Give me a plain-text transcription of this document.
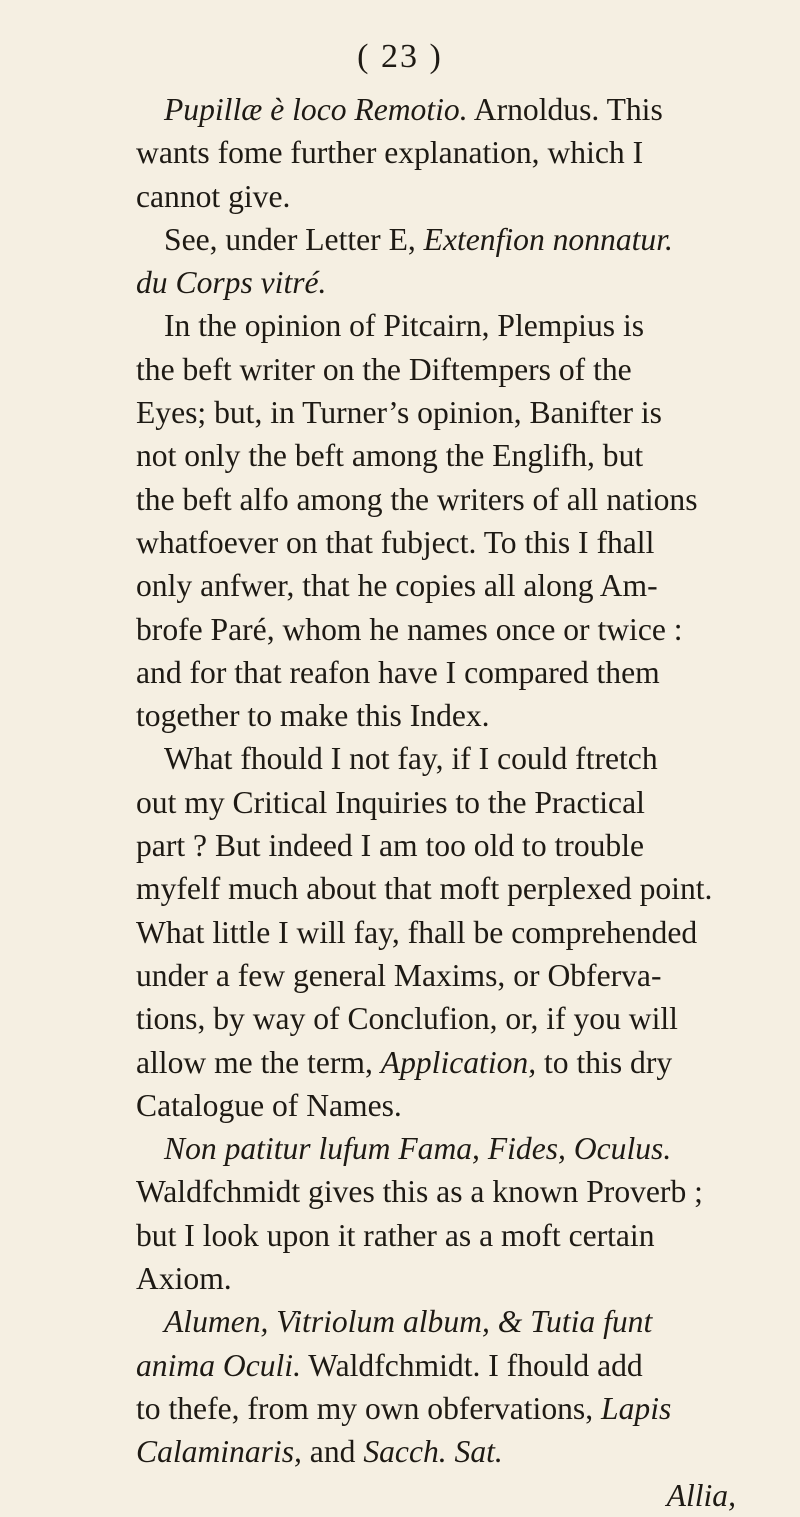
( 23 )

Pupillæ è loco Remotio. Arnoldus. This
wants fome further explanation, which I
cannot give.

See, under Letter E, Extenfion nonnatur.
du Corps vitré.

In the opinion of Pitcairn, Plempius is
the beft writer on the Diftempers of the
Eyes; but, in Turner’s opinion, Banifter is
not only the beft among the Englifh, but
the beft alfo among the writers of all nations
whatfoever on that fubject. To this I fhall
only anfwer, that he copies all along Am-
brofe Paré, whom he names once or twice :
and for that reafon have I compared them
together to make this Index.

What fhould I not fay, if I could ftretch
out my Critical Inquiries to the Practical
part ? But indeed I am too old to trouble
myfelf much about that moft perplexed point.
What little I will fay, fhall be comprehended
under a few general Maxims, or Obferva-
tions, by way of Conclufion, or, if you will
allow me the term, Application, to this dry
Catalogue of Names.

Non patitur lufum Fama, Fides, Oculus.
Waldfchmidt gives this as a known Proverb ;
but I look upon it rather as a moft certain
Axiom.

Alumen, Vitriolum album, & Tutia funt
anima Oculi. Waldfchmidt. I fhould add
to thefe, from my own obfervations, Lapis
Calaminaris, and Sacch. Sat.

Allia,
